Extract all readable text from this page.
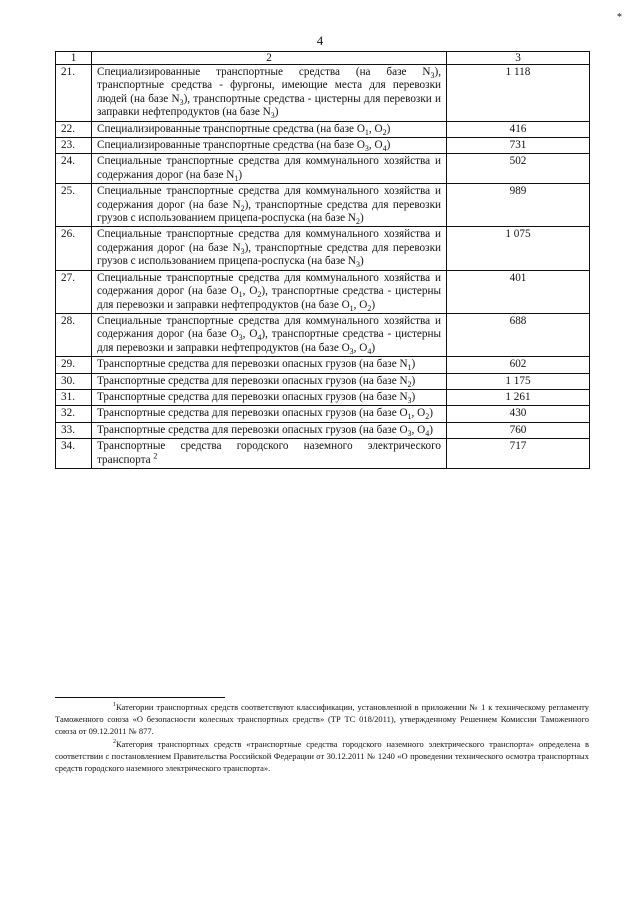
*
4
1	2	3
21.	Специализированные транспортные средства (на базе $N_3$), транспортные средства - фургоны, имеющие места для перевозки людей (на базе $N_3$), транспортные средства - цистерны для перевозки и заправки нефтепродуктов (на базе $N_3$)	1 118
22.	Специализированные транспортные средства (на базе $O_1$, $O_2$)	416
23.	Специализированные транспортные средства (на базе $O_3$, $O_4$)	731
24.	Специальные транспортные средства для коммунального хозяйства и содержания дорог (на базе $N_1$)	502
25.	Специальные транспортные средства для коммунального хозяйства и содержания дорог (на базе $N_2$), транспортные средства для перевозки грузов с использованием прицепа-роспуска (на базе $N_2$)	989
26.	Специальные транспортные средства для коммунального хозяйства и содержания дорог (на базе $N_3$), транспортные средства для перевозки грузов с использованием прицепа-роспуска (на базе $N_3$)	1 075
27.	Специальные транспортные средства для коммунального хозяйства и содержания дорог (на базе $O_1$, $O_2$), транспортные средства - цистерны для перевозки и заправки нефтепродуктов (на базе $O_1$, $O_2$)	401
28.	Специальные транспортные средства для коммунального хозяйства и содержания дорог (на базе $O_3$, $O_4$), транспортные средства - цистерны для перевозки и заправки нефтепродуктов (на базе $O_3$, $O_4$)	688
29.	Транспортные средства для перевозки опасных грузов (на базе $N_1$)	602
30.	Транспортные средства для перевозки опасных грузов (на базе $N_2$)	1 175
31.	Транспортные средства для перевозки опасных грузов (на базе $N_3$)	1 261
32.	Транспортные средства для перевозки опасных грузов (на базе $O_1$, $O_2$)	430
33.	Транспортные средства для перевозки опасных грузов (на базе $O_3$, $O_4$)	760
34.	Транспортные средства городского наземного электрического транспорта $^2$	717
$^1$Категории транспортных средств соответствуют классификации, установленной в приложении № 1 к техническому регламенту Таможенного союза «О безопасности колесных транспортных средств» (ТР ТС 018/2011), утвержденному Решением Комиссии Таможенного союза от 09.12.2011 № 877.
$^2$Категория транспортных средств «транспортные средства городского наземного электрического транспорта» определена в соответствии с постановлением Правительства Российской Федерации от 30.12.2011 № 1240 «О проведении технического осмотра транспортных средств городского наземного электрического транспорта».
